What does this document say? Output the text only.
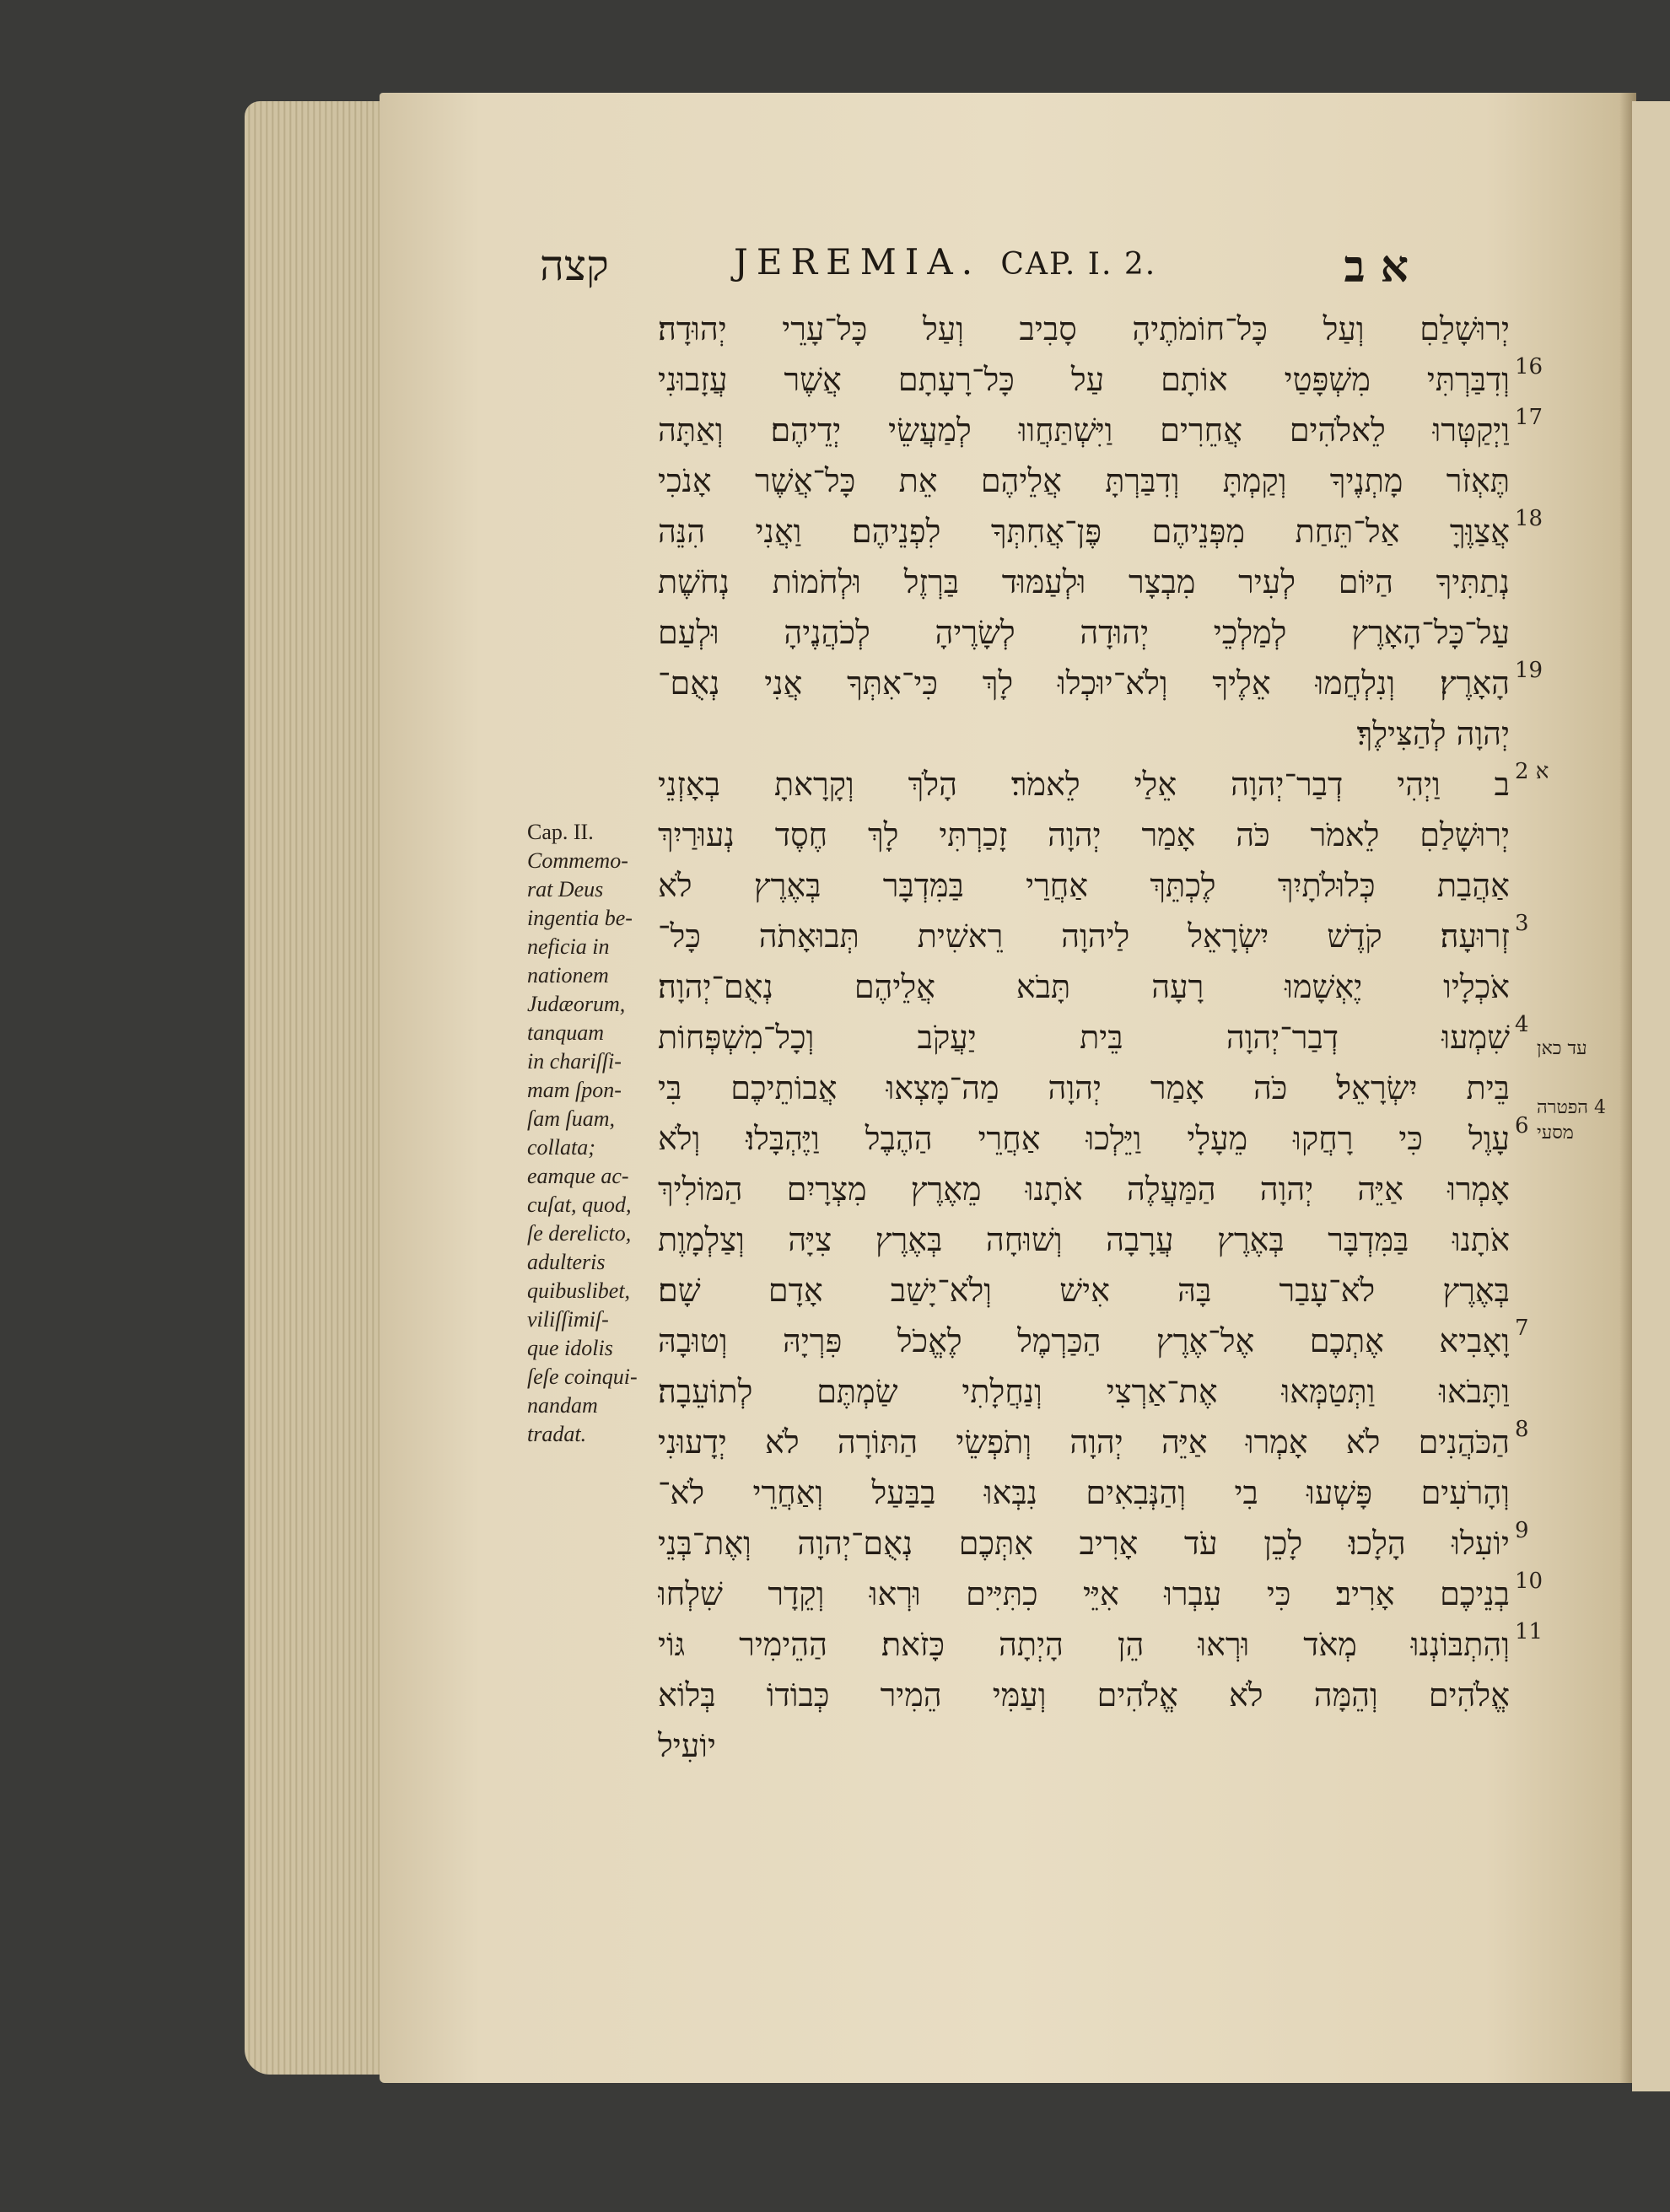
קצה	JEREMIA. CAP. I. 2.	א ב
יְרוּשָׁלַםִ וְעַל כָּל־חוֹמֹתֶיהָ סָבִיב וְעַל כָּל־עָרֵי יְהוּדָה׃
וְדִבַּרְתִּי מִשְׁפָּטַי אוֹתָם עַל כָּל־רָעָתָם אֲשֶׁר עֲזָבוּנִי
וַיְקַטְּרוּ לֵאלֹהִים אֲחֵרִים וַיִּשְׁתַּחֲווּ לְמַעֲשֵׂי יְדֵיהֶם׃ וְאַתָּה
תֶּאְזֹר מָתְנֶיךָ וְקַמְתָּ וְדִבַּרְתָּ אֲלֵיהֶם אֵת כָּל־אֲשֶׁר אָנֹכִי
אֲצַוֶּךָּ אַל־תֵּחַת מִפְּנֵיהֶם פֶּן־אֲחִתְּךָ לִפְנֵיהֶם׃ וַאֲנִי הִנֵּה
נְתַתִּיךָ הַיּוֹם לְעִיר מִבְצָר וּלְעַמּוּד בַּרְזֶל וּלְחֹמוֹת נְחֹשֶׁת
עַל־כָּל־הָאָרֶץ לְמַלְכֵי יְהוּדָה לְשָׂרֶיהָ לְכֹהֲנֶיהָ וּלְעַם
הָאָרֶץ׃ וְנִלְחֲמוּ אֵלֶיךָ וְלֹא־יוּכְלוּ לָךְ כִּי־אִתְּךָ אֲנִי נְאֻם־
יְהוָה לְהַצִּילֶךָ׃
ב וַיְהִי דְבַר־יְהוָה אֵלַי לֵאמֹר׃ הָלֹךְ וְקָרָאתָ בְאָזְנֵי
יְרוּשָׁלַםִ לֵאמֹר כֹּה אָמַר יְהוָה זָכַרְתִּי לָךְ חֶסֶד נְעוּרַיִךְ
אַהֲבַת כְּלוּלֹתָיִךְ לֶכְתֵּךְ אַחֲרַי בַּמִּדְבָּר בְּאֶרֶץ לֹא
זְרוּעָה׃ קֹדֶשׁ יִשְׂרָאֵל לַיהוָה רֵאשִׁית תְּבוּאָתֹה כָּל־
אֹכְלָיו יֶאְשָׁמוּ רָעָה תָּבֹא אֲלֵיהֶם נְאֻם־יְהוָה׃
שִׁמְעוּ דְבַר־יְהוָה בֵּית יַעֲקֹב וְכָל־מִשְׁפְּחוֹת
בֵּית יִשְׂרָאֵל׃ כֹּה אָמַר יְהוָה מַה־מָּצְאוּ אֲבוֹתֵיכֶם בִּי
עָוֶל כִּי רָחֲקוּ מֵעָלָי וַיֵּלְכוּ אַחֲרֵי הַהֶבֶל וַיֶּהְבָּלוּ׃ וְלֹא
אָמְרוּ אַיֵּה יְהוָה הַמַּעֲלֶה אֹתָנוּ מֵאֶרֶץ מִצְרָיִם הַמּוֹלִיךְ
אֹתָנוּ בַּמִּדְבָּר בְּאֶרֶץ עֲרָבָה וְשׁוּחָה בְּאֶרֶץ צִיָּה וְצַלְמָוֶת
בְּאֶרֶץ לֹא־עָבַר בָּהּ אִישׁ וְלֹא־יָשַׁב אָדָם שָׁם׃
וָאָבִיא אֶתְכֶם אֶל־אֶרֶץ הַכַּרְמֶל לֶאֱכֹל פִּרְיָהּ וְטוּבָהּ
וַתָּבֹאוּ וַתְּטַמְּאוּ אֶת־אַרְצִי וְנַחֲלָתִי שַׂמְתֶּם לְתוֹעֵבָה׃
הַכֹּהֲנִים לֹא אָמְרוּ אַיֵּה יְהוָה וְתֹפְשֵׂי הַתּוֹרָה לֹא יְדָעוּנִי
וְהָרֹעִים פָּשְׁעוּ בִי וְהַנְּבִאִים נִבְּאוּ בַבַּעַל וְאַחֲרֵי לֹא־
יוֹעִלוּ הָלָכוּ׃ לָכֵן עֹד אָרִיב אִתְּכֶם נְאֻם־יְהוָה וְאֶת־בְּנֵי
בְנֵיכֶם אָרִיב׃ כִּי עִבְרוּ אִיֵּי כִתִּיִּים וּרְאוּ וְקֵדָר שִׁלְחוּ
וְהִתְבּוֹנְנוּ מְאֹד וּרְאוּ הֵן הָיְתָה כָּזֹאת׃ הַהֵימִיר גּוֹי
אֱלֹהִים וְהֵמָּה לֹא אֱלֹהִים וְעַמִּי הֵמִיר כְּבוֹדוֹ בְּלוֹא
יוֹעִיל
16
17
18
19
א 2
3
4
6
7
8
9
10
11
עד כאן
4 הפטרה
מסעי
Cap. II.
Commemo-
rat Deus
ingentia be-
neficia in
nationem
Judæorum,
tanquam
in chariſſi-
mam ſpon-
ſam ſuam,
collata;
eamque ac-
cuſat, quod,
ſe derelicto,
adulteris
quibuslibet,
viliſſimiſ-
que idolis
ſeſe coinqui-
nandam
tradat.
